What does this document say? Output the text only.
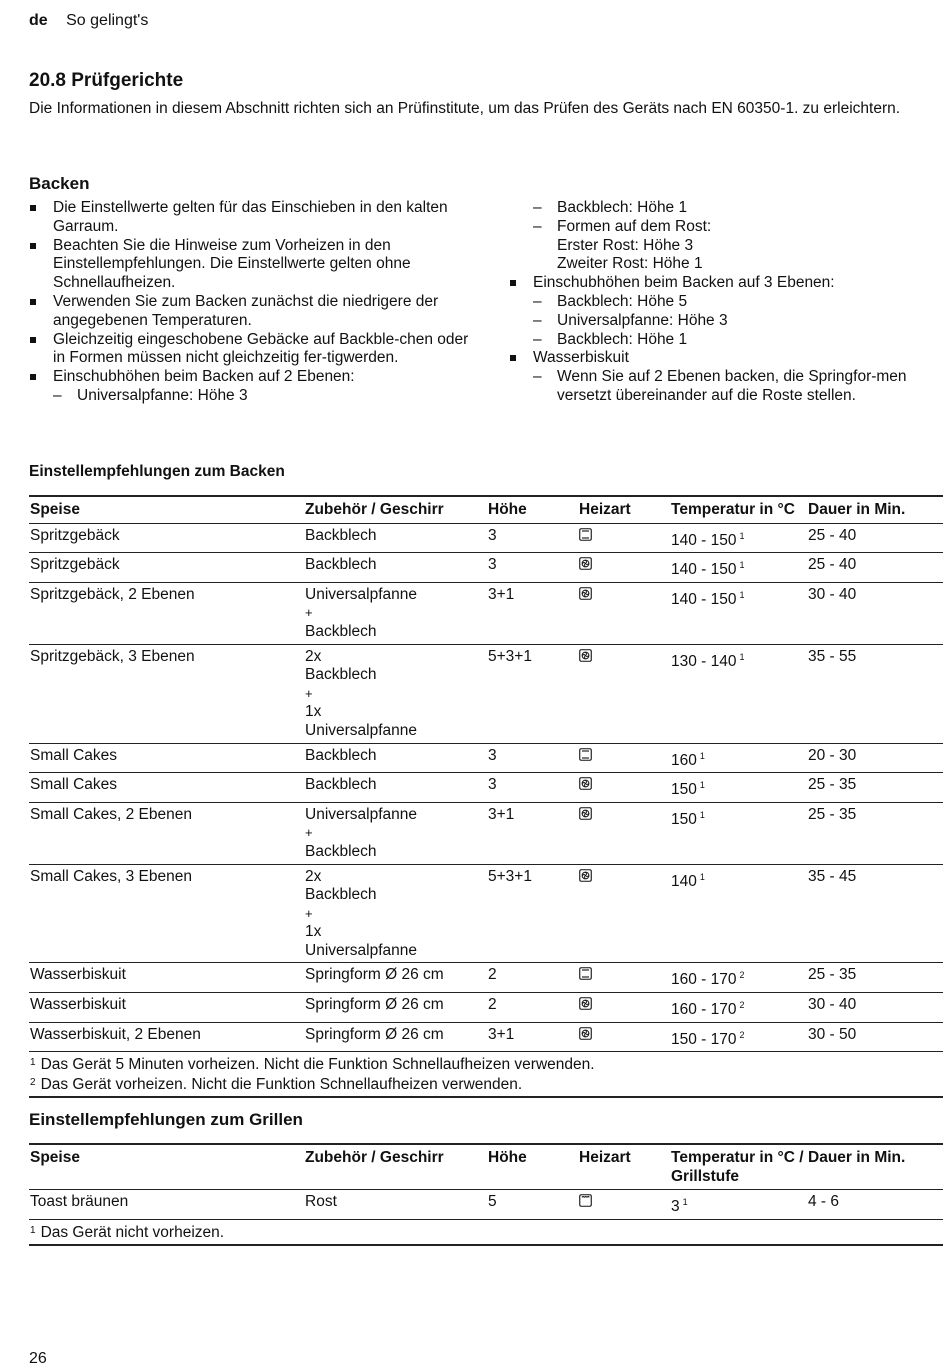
de So gelingt's
20.8 Prüfgerichte
Die Informationen in diesem Abschnitt richten sich an Prüfinstitute, um das Prüfen des Geräts nach EN 60350-1. zu erleichtern.
Backen
Die Einstellwerte gelten für das Einschieben in den kalten Garraum.
Beachten Sie die Hinweise zum Vorheizen in den Einstellempfehlungen. Die Einstellwerte gelten ohne Schnellaufheizen.
Verwenden Sie zum Backen zunächst die niedrigere der angegebenen Temperaturen.
Gleichzeitig eingeschobene Gebäcke auf Backble-chen oder in Formen müssen nicht gleichzeitig fer-tigwerden.
Einschubhöhen beim Backen auf 2 Ebenen:
– Universalpfanne: Höhe 3
– Backblech: Höhe 1
– Formen auf dem Rost:
Erster Rost: Höhe 3
Zweiter Rost: Höhe 1
Einschubhöhen beim Backen auf 3 Ebenen:
– Backblech: Höhe 5
– Universalpfanne: Höhe 3
– Backblech: Höhe 1
Wasserbiskuit
– Wenn Sie auf 2 Ebenen backen, die Springfor-men versetzt übereinander auf die Roste stellen.
Einstellempfehlungen zum Backen
Speise	Zubehör / Geschirr	Höhe	Heizart	Temperatur in °C	Dauer in Min.
Spritzgebäck	Backblech	3		140 - 150 $^1$	25 - 40
Spritzgebäck	Backblech	3		140 - 150 $^1$	25 - 40
Spritzgebäck, 2 Ebenen	Universalpfanne
+
Backblech	3+1		140 - 150 $^1$	30 - 40
Spritzgebäck, 3 Ebenen	2x
Backblech
+
1x
Universalpfanne	5+3+1		130 - 140 $^1$	35 - 55
Small Cakes	Backblech	3		160 $^1$	20 - 30
Small Cakes	Backblech	3		150 $^1$	25 - 35
Small Cakes, 2 Ebenen	Universalpfanne
+
Backblech	3+1		150 $^1$	25 - 35
Small Cakes, 3 Ebenen	2x
Backblech
+
1x
Universalpfanne	5+3+1		140 $^1$	35 - 45
Wasserbiskuit	Springform Ø 26 cm	2		160 - 170 $^2$	25 - 35
Wasserbiskuit	Springform Ø 26 cm	2		160 - 170 $^2$	30 - 40
Wasserbiskuit, 2 Ebenen	Springform Ø 26 cm	3+1		150 - 170 $^2$	30 - 50

$^1$ Das Gerät 5 Minuten vorheizen. Nicht die Funktion Schnellaufheizen verwenden.
$^2$ Das Gerät vorheizen. Nicht die Funktion Schnellaufheizen verwenden.					
Einstellempfehlungen zum Grillen
Speise	Zubehör / Geschirr	Höhe	Heizart	Temperatur in °C / Grillstufe	Dauer in Min.
Toast bräunen	Rost	5		3 $^1$	4 - 6

$^1$ Das Gerät nicht vorheizen.					
26
